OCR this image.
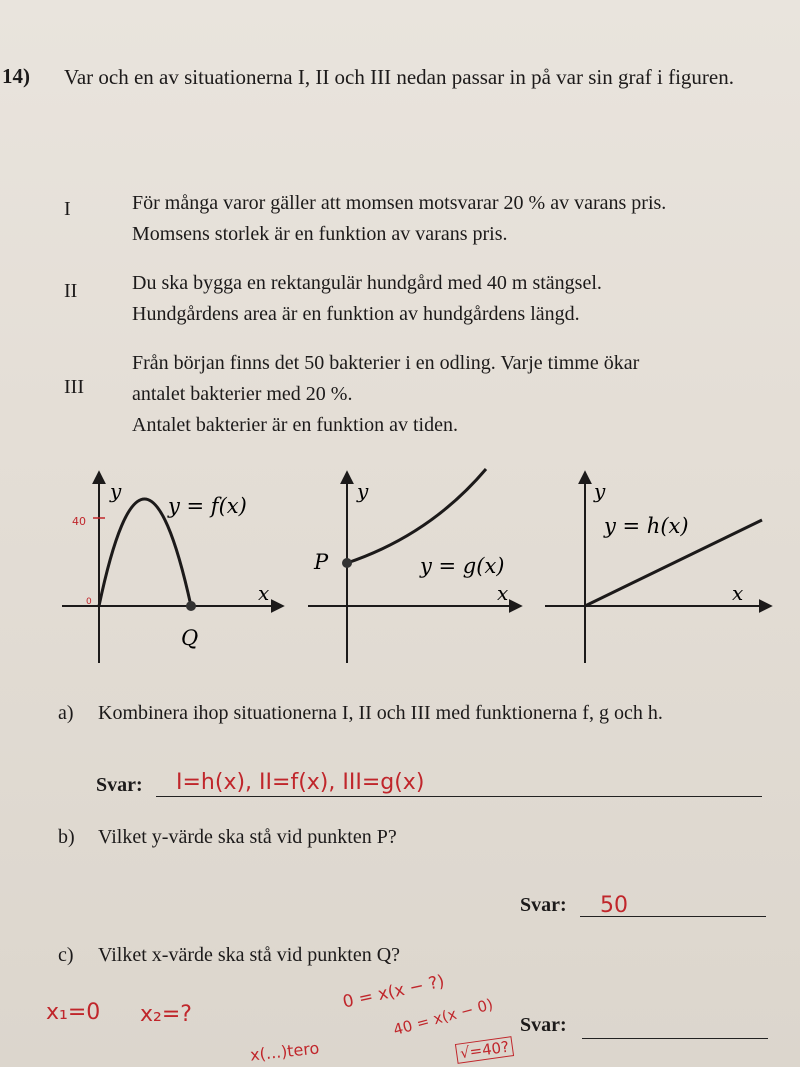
14) Var och en av situationerna I, II och III nedan passar in på var sin graf i figuren.
I	För många varor gäller att momsen motsvarar 20 % av varans pris.
Momsens storlek är en funktion av varans pris.
II	Du ska bygga en rektangulär hundgård med 40 m stängsel.
Hundgårdens area är en funktion av hundgårdens längd.
III
Från början finns det 50 bakterier i en odling. Varje timme ökar
antalet bakterier med 20 %.
Antalet bakterier är en funktion av tiden.
y
x
y = f(x)
Q
40
0
y
x
y = g(x)
P
y
x
y = h(x)
a) Kombinera ihop situationerna I, II och III med funktionerna f, g och h.
Svar: I=h(x), II=f(x), III=g(x)
b) Vilket y-värde ska stå vid punkten P?
Svar: 50
c) Vilket x-värde ska stå vid punkten Q?
Svar:
x₁=0 x₂=?
0 = x(x − ?)
40 = x(x − 0)
√=40?
x(...)tero
